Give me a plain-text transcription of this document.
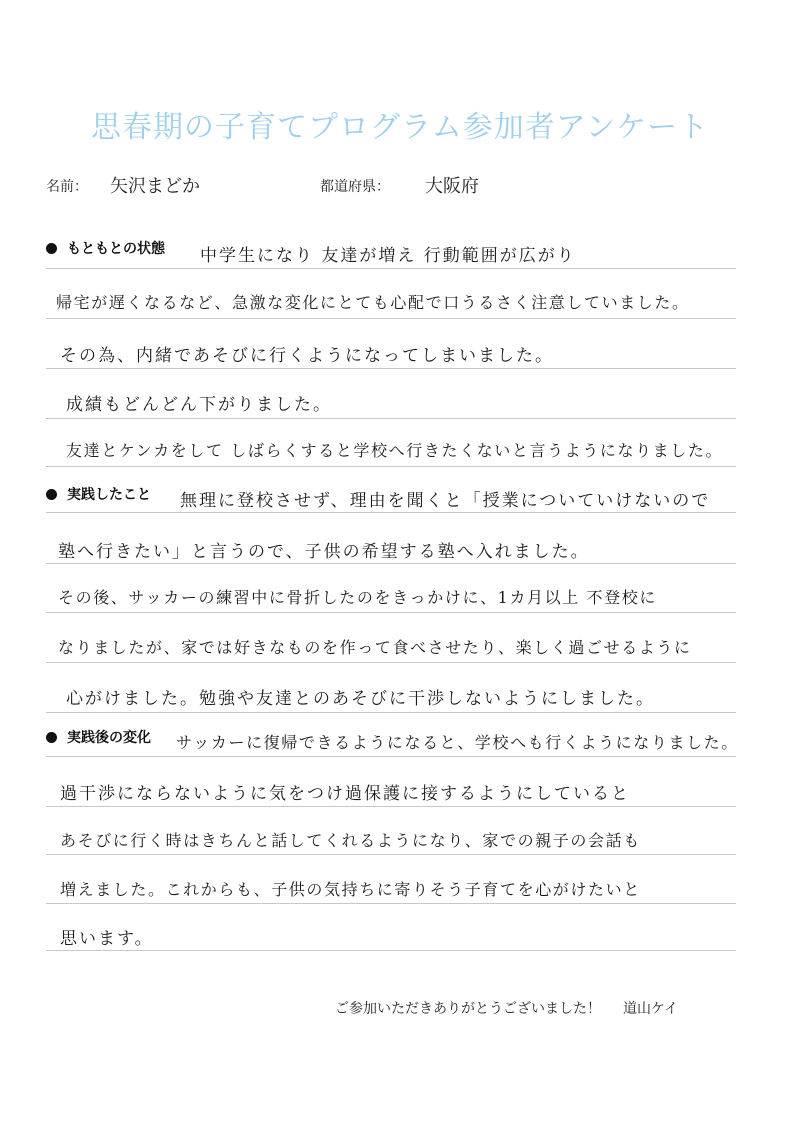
思春期の子育てプログラム参加者アンケート
名前： 矢沢まどか	都道府県： 大阪府
もともとの状態 中学生になり 友達が増え 行動範囲が広がり
帰宅が遅くなるなど、急激な変化にとても心配で口うるさく注意していました。
その為、内緒であそびに行くようになってしまいました。
成績もどんどん下がりました。
友達とケンカをして しばらくすると学校へ行きたくないと言うようになりました。
実践したこと 無理に登校させず、理由を聞くと「授業についていけないので
塾へ行きたい」と言うので、子供の希望する塾へ入れました。
その後、サッカーの練習中に骨折したのをきっかけに、1カ月以上 不登校に
なりましたが、家では好きなものを作って食べさせたり、楽しく過ごせるように
心がけました。勉強や友達とのあそびに干渉しないようにしました。
実践後の変化 サッカーに復帰できるようになると、学校へも行くようになりました。
過干渉にならないように気をつけ過保護に接するようにしていると
あそびに行く時はきちんと話してくれるようになり、家での親子の会話も
増えました。これからも、子供の気持ちに寄りそう子育てを心がけたいと
思います。
ご参加いただきありがとうございました！ 道山ケイ
